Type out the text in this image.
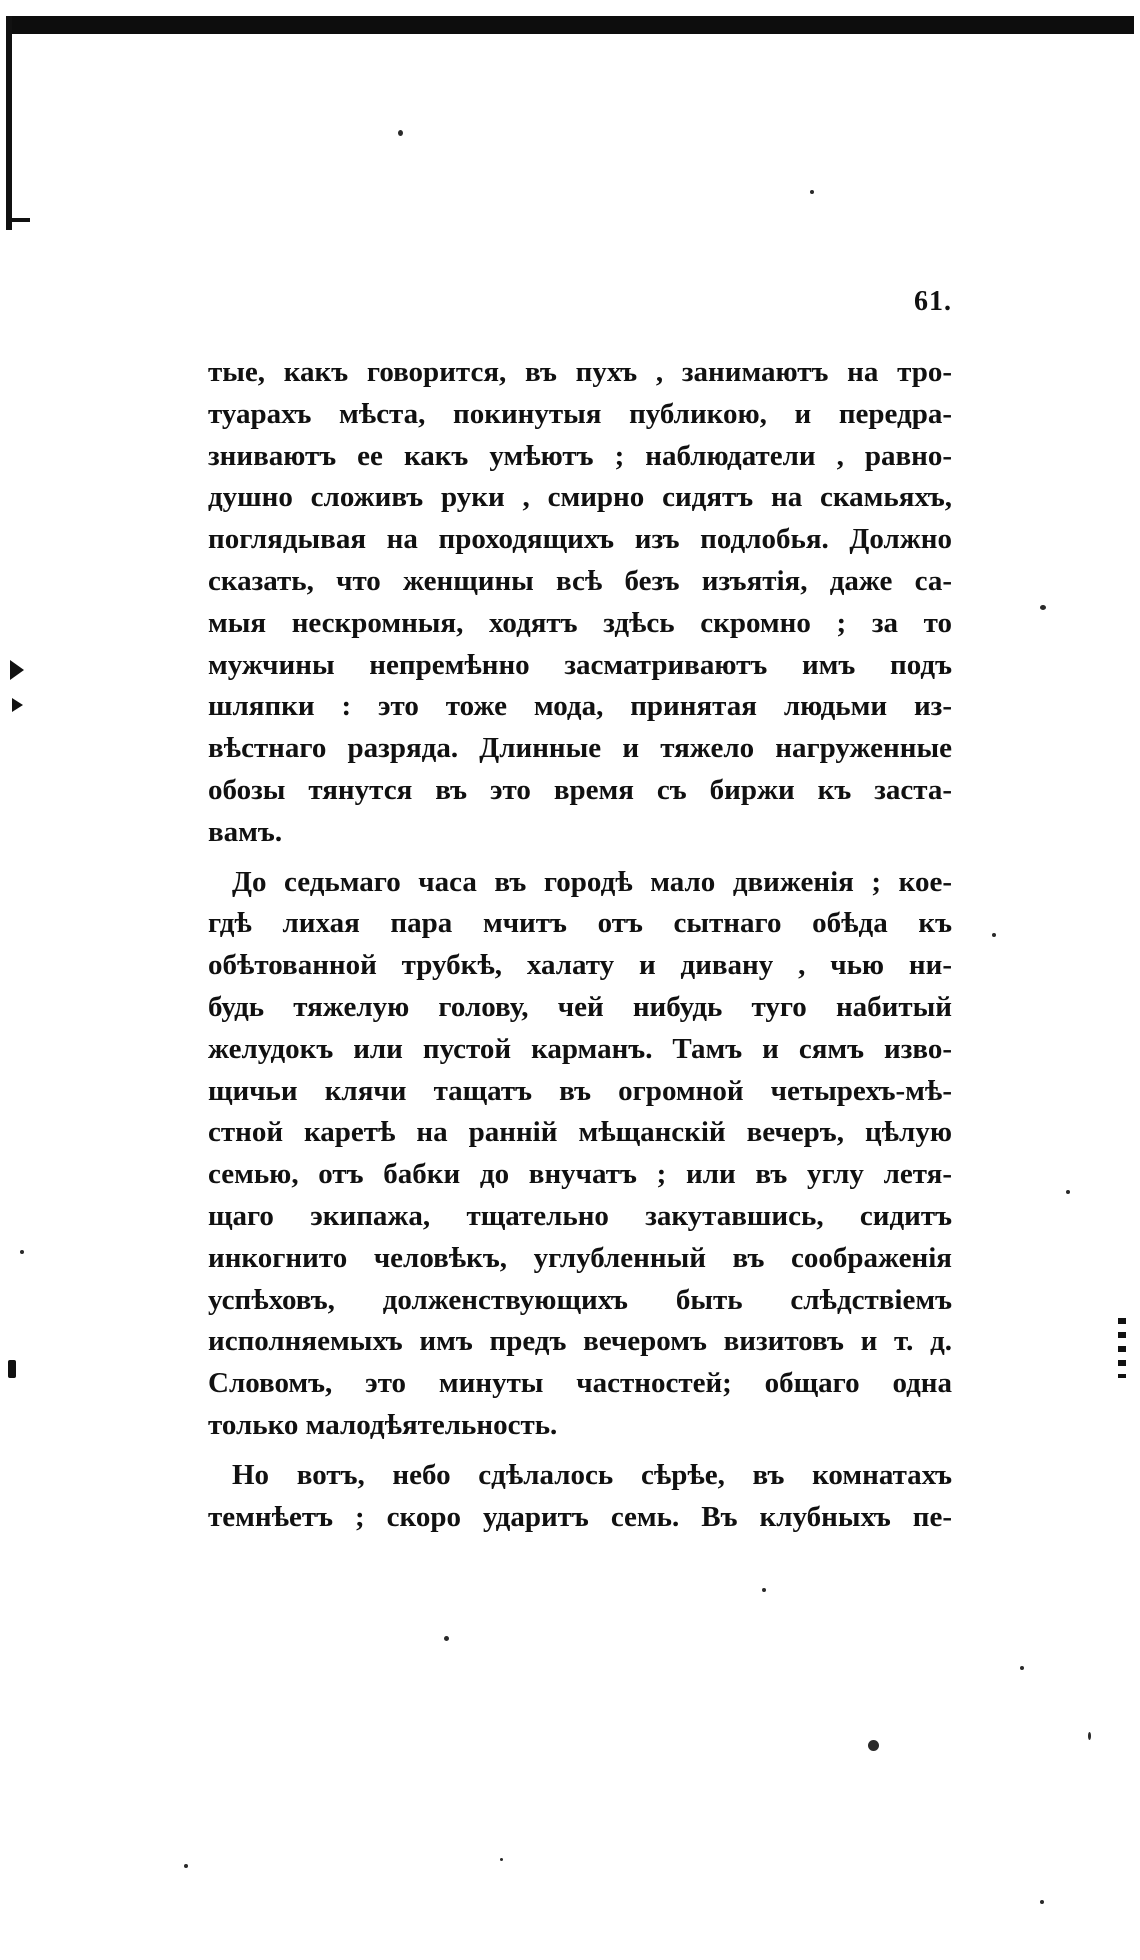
61.
тые, какъ говорится, въ пухъ , занимаютъ на тро-
туарахъ мѣста, покинутыя публикою, и передра-
зниваютъ ее какъ умѣютъ ; наблюдатели , равно-
душно сложивъ руки , смирно сидятъ на скамьяхъ,
поглядывая на проходящихъ изъ подлобья. Должно
сказать, что женщины всѣ безъ изъятія, даже са-
мыя нескромныя, ходятъ здѣсь скромно ; за то
мужчины непремѣнно засматриваютъ имъ подъ
шляпки : это тоже мода, принятая людьми из-
вѣстнаго разряда. Длинные и тяжело нагруженные
обозы тянутся въ это время съ биржи къ заста-
вамъ.
До седьмаго часа въ городѣ мало движенія ; кое-
гдѣ лихая пара мчитъ отъ сытнаго обѣда къ
обѣтованной трубкѣ, халату и дивану , чью ни-
будь тяжелую голову, чей нибудь туго набитый
желудокъ или пустой карманъ. Тамъ и сямъ изво-
щичьи клячи тащатъ въ огромной четырехъ-мѣ-
стной каретѣ на ранній мѣщанскій вечеръ, цѣлую
семью, отъ бабки до внучатъ ; или въ углу летя-
щаго экипажа, тщательно закутавшись, сидитъ
инкогнито человѣкъ, углубленный въ соображенія
успѣховъ, долженствующихъ быть слѣдствіемъ
исполняемыхъ имъ предъ вечеромъ визитовъ и т. д.
Словомъ, это минуты частностей; общаго одна
только малодѣятельность.
Но вотъ, небо сдѣлалось сѣрѣе, въ комнатахъ
темнѣетъ ; скоро ударитъ семь. Въ клубныхъ пе-
